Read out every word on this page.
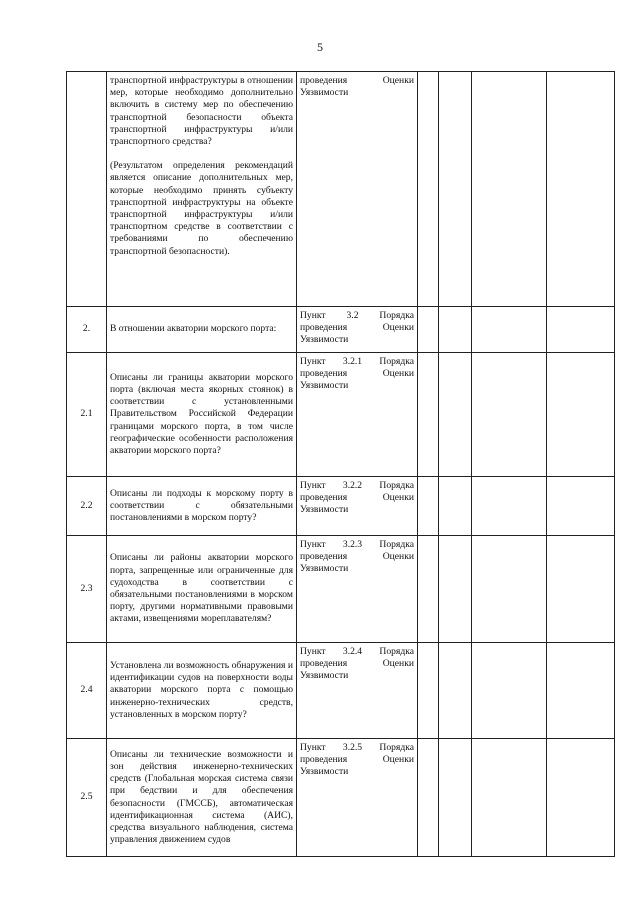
5

	транспортной инфраструктуры в отношении мер, которые необходимо дополнительно включить в систему мер по обеспечению транспортной безопасности объекта транспортной инфраструктуры и/или транспортного средства?
(Результатом определения рекомендаций является описание дополнительных мер, которые необходимо принять субъекту транспортной инфраструктуры на объекте транспортной инфраструктуры и/или транспортном средстве в соответствии с требованиями по обеспечению транспортной безопасности).	проведения Оценки Уязвимости				
2.	В отношении акватории морского порта:	Пункт 3.2 Порядка проведения Оценки Уязвимости				
2.1	Описаны ли границы акватории морского порта (включая места якорных стоянок) в соответствии с установленными Правительством Российской Федерации границами морского порта, в том числе географические особенности расположения акватории морского порта?	Пункт 3.2.1 Порядка проведения Оценки Уязвимости				
2.2	Описаны ли подходы к морскому порту в соответствии с обязательными постановлениями в морском порту?	Пункт 3.2.2 Порядка проведения Оценки Уязвимости				
2.3	Описаны ли районы акватории морского порта, запрещенные или ограниченные для судоходства в соответствии с обязательными постановлениями в морском порту, другими нормативными правовыми актами, извещениями мореплавателям?	Пункт 3.2.3 Порядка проведения Оценки Уязвимости				
2.4	Установлена ли возможность обнаружения и идентификации судов на поверхности воды акватории морского порта с помощью инженерно-технических средств, установленных в морском порту?	Пункт 3.2.4 Порядка проведения Оценки Уязвимости				
2.5	Описаны ли технические возможности и зон действия инженерно-технических средств (Глобальная морская система связи при бедствии и для обеспечения безопасности (ГМССБ), автоматическая идентификационная система (АИС), средства визуального наблюдения, система управления движением судов	Пункт 3.2.5 Порядка проведения Оценки Уязвимости				
